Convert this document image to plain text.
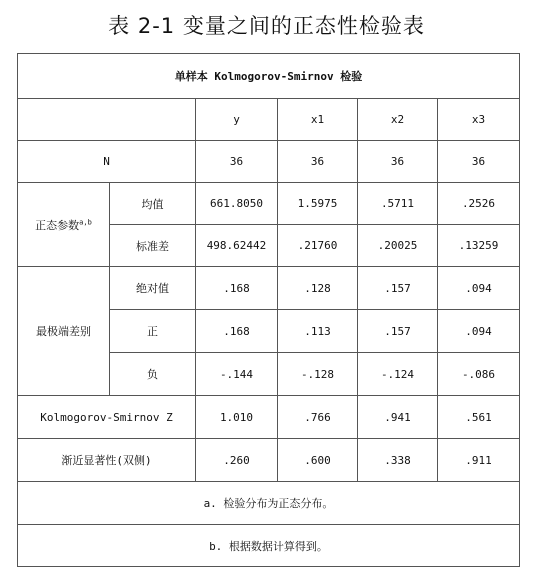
表 2-1 变量之间的正态性检验表
单样本 Kolmogorov-Smirnov 检验					
		y	x1	x2	x3
N		36	36	36	36
正态参数$^{a,b}$	均值	661.8050	1.5975	.5711	.2526
	标准差	498.62442	.21760	.20025	.13259
最极端差别	绝对值	.168	.128	.157	.094
	正	.168	.113	.157	.094
	负	-.144	-.128	-.124	-.086
Kolmogorov-Smirnov Z		1.010	.766	.941	.561
渐近显著性(双侧)		.260	.600	.338	.911
a. 检验分布为正态分布。					
b. 根据数据计算得到。					
